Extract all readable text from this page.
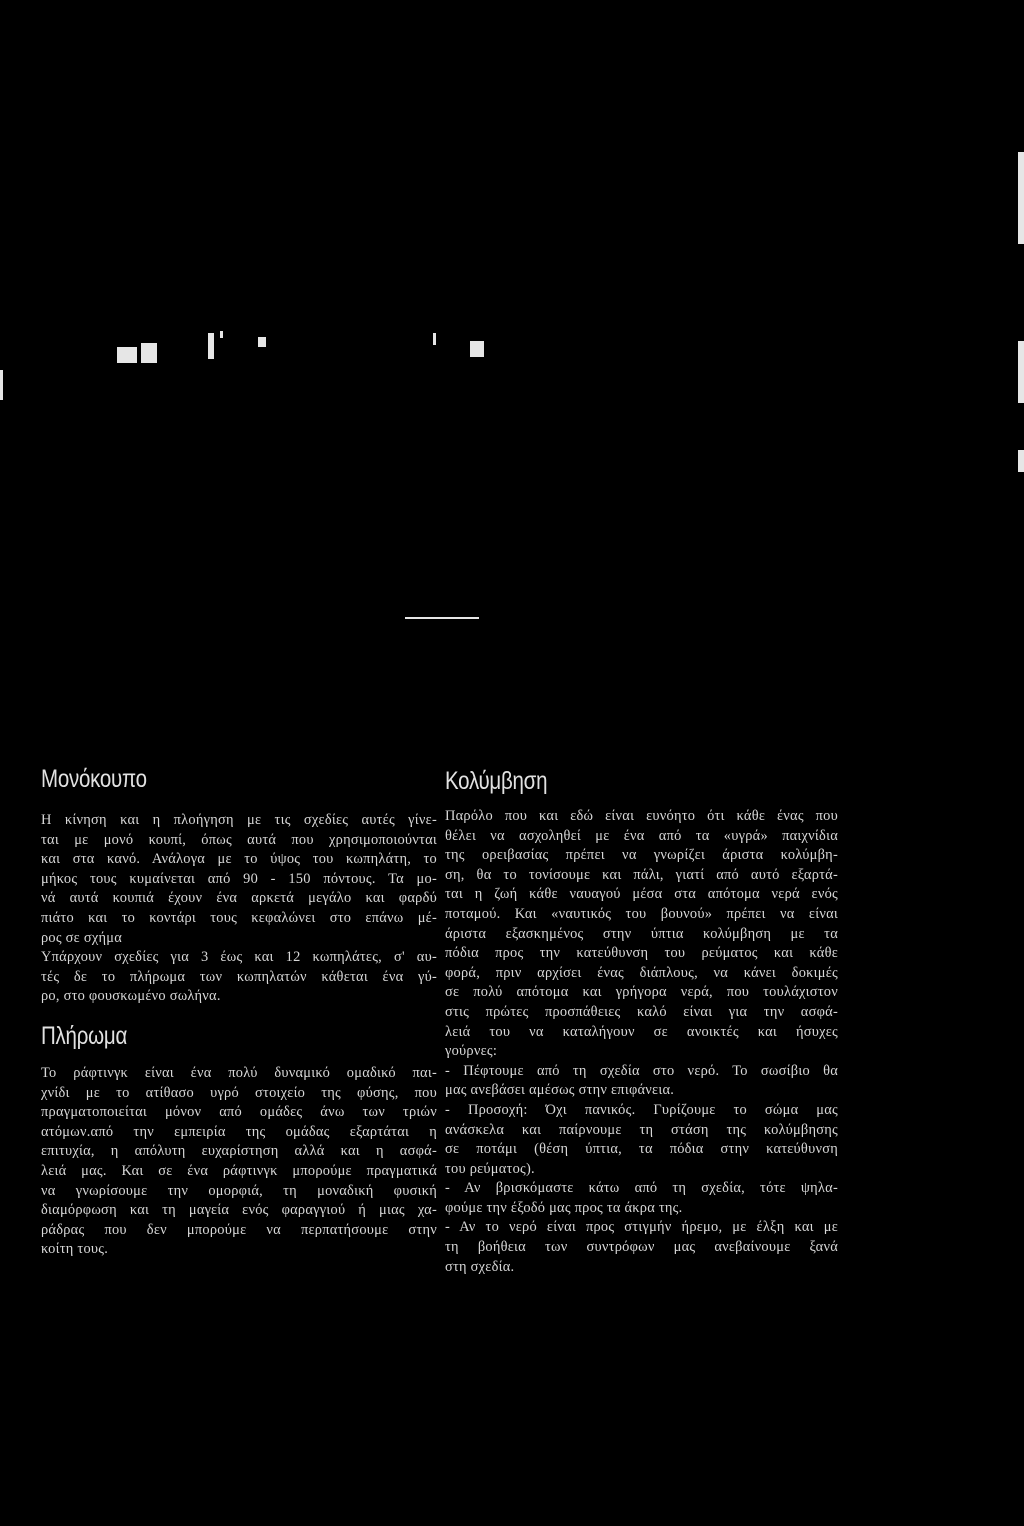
Μονόκουπο
Η κίνηση και η πλοήγηση με τις σχεδίες αυτές γίνε-
ται με μονό κουπί, όπως αυτά που χρησιμοποιούνται
και στα κανό. Ανάλογα με το ύψος του κωπηλάτη, το
μήκος τους κυμαίνεται από 90 - 150 πόντους. Τα μο-
νά αυτά κουπιά έχουν ένα αρκετά μεγάλο και φαρδύ
πιάτο και το κοντάρι τους κεφαλώνει στο επάνω μέ-
ρος σε σχήμα
Υπάρχουν σχεδίες για 3 έως και 12 κωπηλάτες, σ' αυ-
τές δε το πλήρωμα των κωπηλατών κάθεται ένα γύ-
ρο, στο φουσκωμένο σωλήνα.
Πλήρωμα
Το ράφτινγκ είναι ένα πολύ δυναμικό ομαδικό παι-
χνίδι με το ατίθασο υγρό στοιχείο της φύσης, που
πραγματοποιείται μόνον από ομάδες άνω των τριών
ατόμων.από την εμπειρία της ομάδας εξαρτάται η
επιτυχία, η απόλυτη ευχαρίστηση αλλά και η ασφά-
λειά μας. Και σε ένα ράφτινγκ μπορούμε πραγματικά
να γνωρίσουμε την ομορφιά, τη μοναδική φυσική
διαμόρφωση και τη μαγεία ενός φαραγγιού ή μιας χα-
ράδρας που δεν μπορούμε να περπατήσουμε στην
κοίτη τους.
Κολύμβηση
Παρόλο που και εδώ είναι ευνόητο ότι κάθε ένας που
θέλει να ασχοληθεί με ένα από τα «υγρά» παιχνίδια
της ορειβασίας πρέπει να γνωρίζει άριστα κολύμβη-
ση, θα το τονίσουμε και πάλι, γιατί από αυτό εξαρτά-
ται η ζωή κάθε ναυαγού μέσα στα απότομα νερά ενός
ποταμού. Και «ναυτικός του βουνού» πρέπει να είναι
άριστα εξασκημένος στην ύπτια κολύμβηση με τα
πόδια προς την κατεύθυνση του ρεύματος και κάθε
φορά, πριν αρχίσει ένας διάπλους, να κάνει δοκιμές
σε πολύ απότομα και γρήγορα νερά, που τουλάχιστον
στις πρώτες προσπάθειες καλό είναι για την ασφά-
λειά του να καταλήγουν σε ανοικτές και ήσυχες
γούρνες:
- Πέφτουμε από τη σχεδία στο νερό. Το σωσίβιο θα
μας ανεβάσει αμέσως στην επιφάνεια.
- Προσοχή: Όχι πανικός. Γυρίζουμε το σώμα μας
ανάσκελα και παίρνουμε τη στάση της κολύμβησης
σε ποτάμι (θέση ύπτια, τα πόδια στην κατεύθυνση
του ρεύματος).
- Αν βρισκόμαστε κάτω από τη σχεδία, τότε ψηλα-
φούμε την έξοδό μας προς τα άκρα της.
- Αν το νερό είναι προς στιγμήν ήρεμο, με έλξη και με
τη βοήθεια των συντρόφων μας ανεβαίνουμε ξανά
στη σχεδία.
